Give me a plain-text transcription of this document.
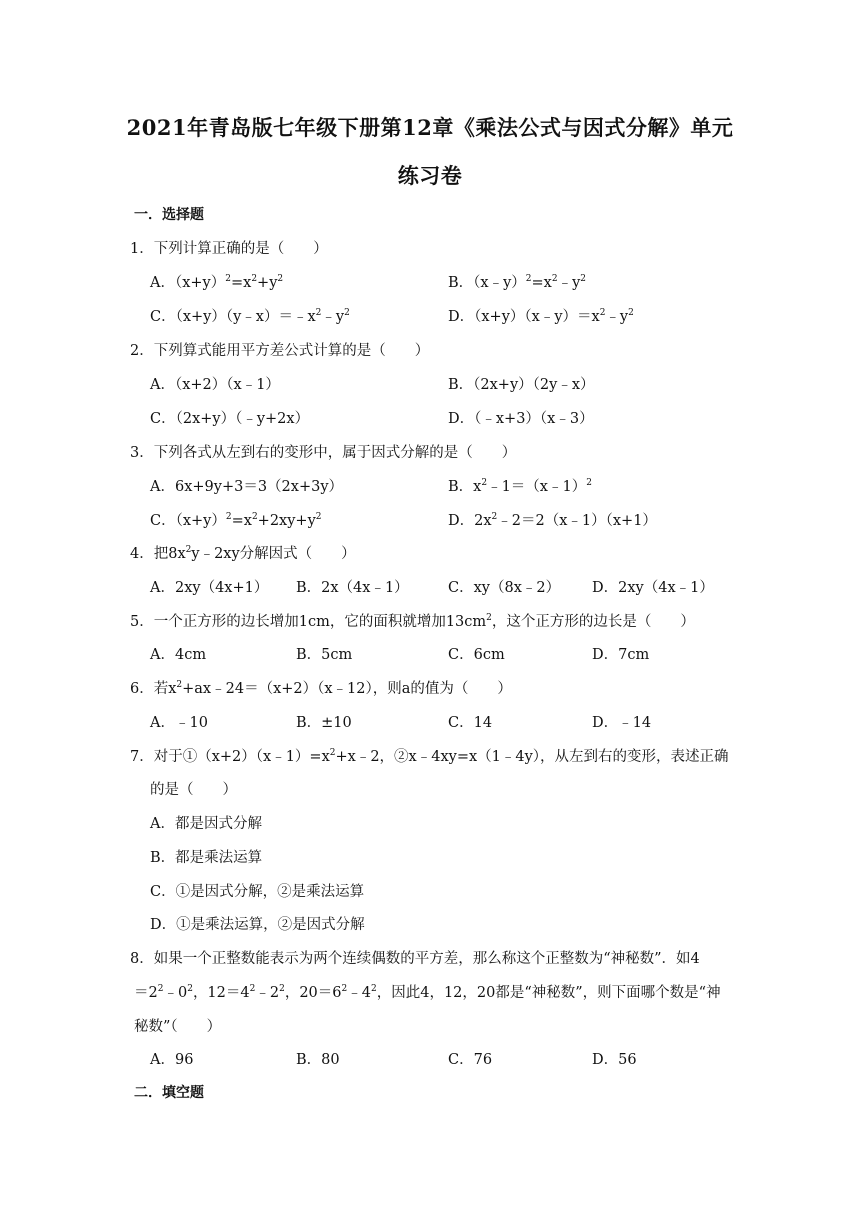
2021年青岛版七年级下册第12章《乘法公式与因式分解》单元
练习卷
一．选择题
1．下列计算正确的是（　　）
A．$(x+y)^2=x^2+y^2$	B．$(x﹣y)^2=x^2﹣y^2$
C．$(x+y)(y﹣x)=﹣x^2﹣y^2$	D．$(x+y)(x﹣y)=x^2﹣y^2$
2．下列算式能用平方差公式计算的是（　　）
A．（x+2）（x﹣1）	B．（2x+y）（2y﹣x）
C．（2x+y）（﹣y+2x）	D．（﹣x+3）（x﹣3）
3．下列各式从左到右的变形中，属于因式分解的是（　　）
A．6x+9y+3＝3（2x+3y）	B．$x^2﹣1=(x﹣1)^2$
C．$(x+y)^2=x^2+2xy+y^2$	D．$2x^2﹣2=2(x﹣1)(x+1)$
4．把$8x^2y﹣2xy$分解因式（　　）
A．2xy（4x+1） B．2x（4x﹣1）	C．xy（8x﹣2） D．2xy（4x﹣1）
5．一个正方形的边长增加1cm，它的面积就增加$13cm^2$，这个正方形的边长是（　　）
A．4cm	B．5cm	C．6cm	D．7cm
6．若$x^2+ax﹣24=(x+2)(x﹣12)$，则a的值为（　　）
A．﹣10	B．±10	C．14	D．﹣14
7．对于$①(x+2)(x﹣1)=x^2+x﹣2$，②x﹣4xy=x（1﹣4y），从左到右的变形，表述正确
的是（　　）
A．都是因式分解
B．都是乘法运算
C．①是因式分解，②是乘法运算
D．①是乘法运算，②是因式分解
8．如果一个正整数能表示为两个连续偶数的平方差，那么称这个正整数为“神秘数”．如4
$=2^2﹣0^2$，$12=4^2﹣2^2$，$20=6^2﹣4^2$，因此4，12，20都是“神秘数”，则下面哪个数是“神
秘数”（　　）
A．96	B．80	C．76	D．56
二．填空题
